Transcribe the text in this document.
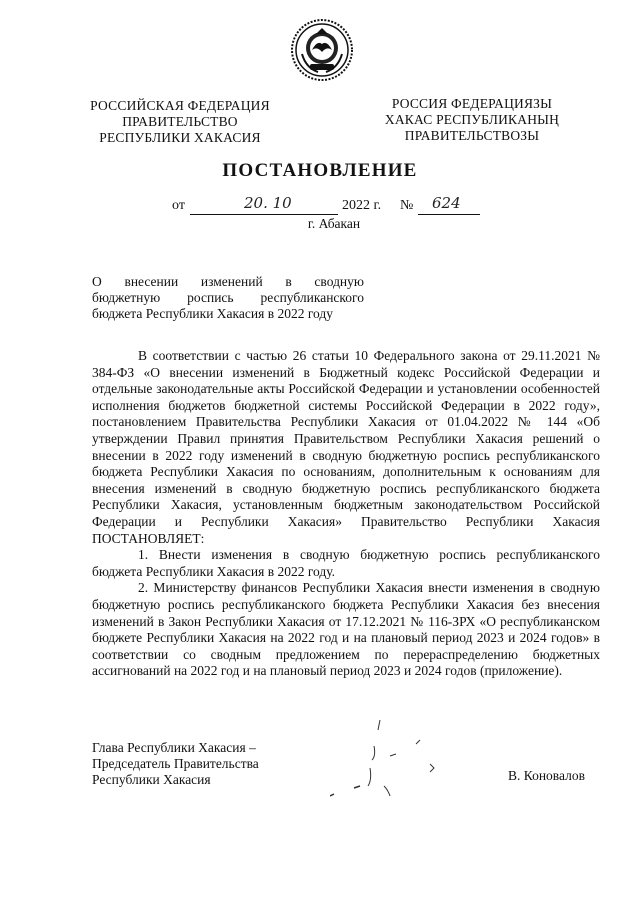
РОССИЙСКАЯ ФЕДЕРАЦИЯ
ПРАВИТЕЛЬСТВО
РЕСПУБЛИКИ ХАКАСИЯ
РОССИЯ ФЕДЕРАЦИЯЗЫ
ХАКАС РЕСПУБЛИКАНЫҢ
ПРАВИТЕЛЬСТВОЗЫ
ПОСТАНОВЛЕНИЕ
от	20. 10	2022 г. № 624
г. Абакан
О внесении изменений в сводную
бюджетную роспись республиканского
бюджета Республики Хакасия в 2022 году

В соответствии с частью 26 статьи 10 Федерального закона от 29.11.2021 № 384-ФЗ «О внесении изменений в Бюджетный кодекс Российской Федерации и отдельные законодательные акты Российской Федерации и установлении особенностей исполнения бюджетов бюджетной системы Российской Федерации в 2022 году», постановлением Правительства Республики Хакасия от 01.04.2022 № 144 «Об утверждении Правил принятия Правительством Республики Хакасия решений о внесении в 2022 году изменений в сводную бюджетную роспись республиканского бюджета Республики Хакасия по основаниям, дополнительным к основаниям для внесения изменений в сводную бюджетную роспись республиканского бюджета Республики Хакасия, установленным бюджетным законодательством Российской Федерации и Республики Хакасия» Правительство Республики Хакасия ПОСТАНОВЛЯЕТ:

1. Внести изменения в сводную бюджетную роспись республиканского бюджета Республики Хакасия в 2022 году.

2. Министерству финансов Республики Хакасия внести изменения в сводную бюджетную роспись республиканского бюджета Республики Хакасия без внесения изменений в Закон Республики Хакасия от 17.12.2021 № 116-ЗРХ «О республиканском бюджете Республики Хакасия на 2022 год и на плановый период 2023 и 2024 годов» в соответствии со сводным предложением по перераспределению бюджетных ассигнований на 2022 год и на плановый период 2023 и 2024 годов (приложение).

Глава Республики Хакасия –
Председатель Правительства
Республики Хакасия	В. Коновалов
